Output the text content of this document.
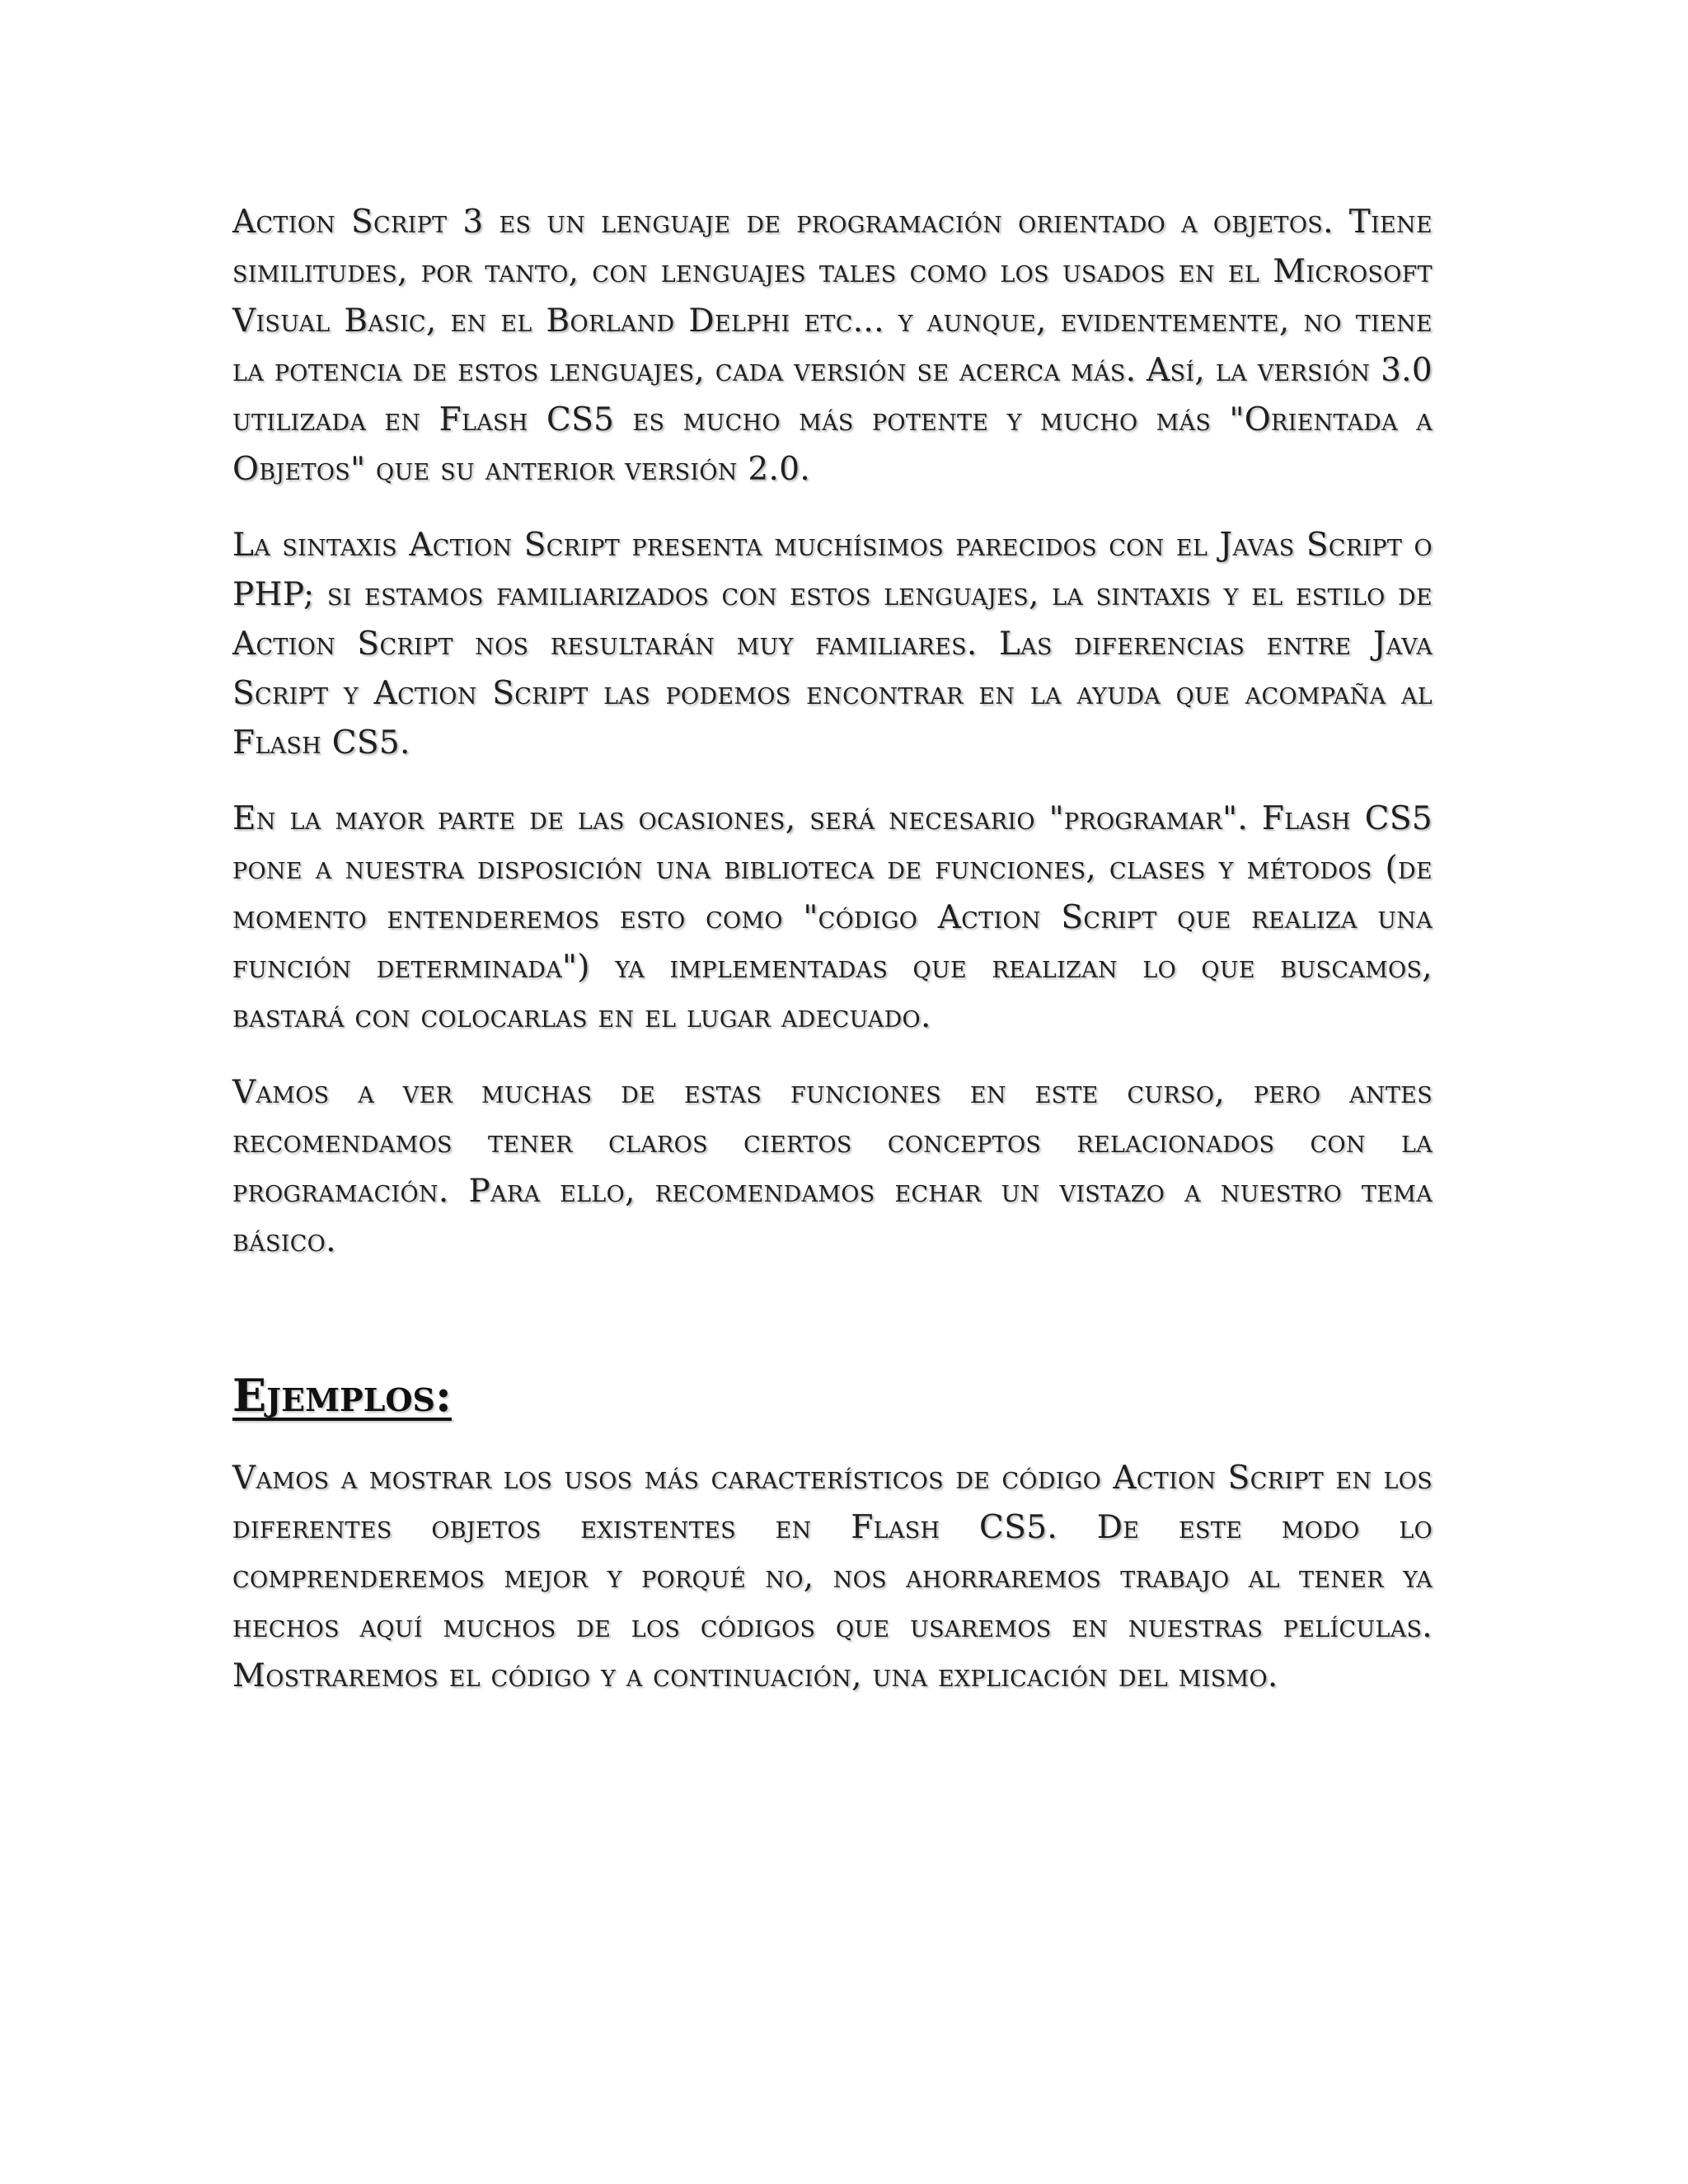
Action Script 3 es un lenguaje de programación orientado a objetos. Tiene similitudes, por tanto, con lenguajes tales como los usados en el Microsoft Visual Basic, en el Borland Delphi etc... y aunque, evidentemente, no tiene la potencia de estos lenguajes, cada versión se acerca más. Así, la versión 3.0 utilizada en Flash CS5 es mucho más potente y mucho más "Orientada a Objetos" que su anterior versión 2.0.

La sintaxis Action Script presenta muchísimos parecidos con el Javas Script o PHP; si estamos familiarizados con estos lenguajes, la sintaxis y el estilo de Action Script nos resultarán muy familiares. Las diferencias entre Java Script y Action Script las podemos encontrar en la ayuda que acompaña al Flash CS5.

En la mayor parte de las ocasiones, será necesario "programar". Flash CS5 pone a nuestra disposición una biblioteca de funciones, clases y métodos (de momento entenderemos esto como "código Action Script que realiza una función determinada") ya implementadas que realizan lo que buscamos, bastará con colocarlas en el lugar adecuado.

Vamos a ver muchas de estas funciones en este curso, pero antes recomendamos tener claros ciertos conceptos relacionados con la programación. Para ello, recomendamos echar un vistazo a nuestro tema básico.

Ejemplos:

Vamos a mostrar los usos más característicos de código Action Script en los diferentes objetos existentes en Flash CS5. De este modo lo comprenderemos mejor y porqué no, nos ahorraremos trabajo al tener ya hechos aquí muchos de los códigos que usaremos en nuestras películas. Mostraremos el código y a continuación, una explicación del mismo.
